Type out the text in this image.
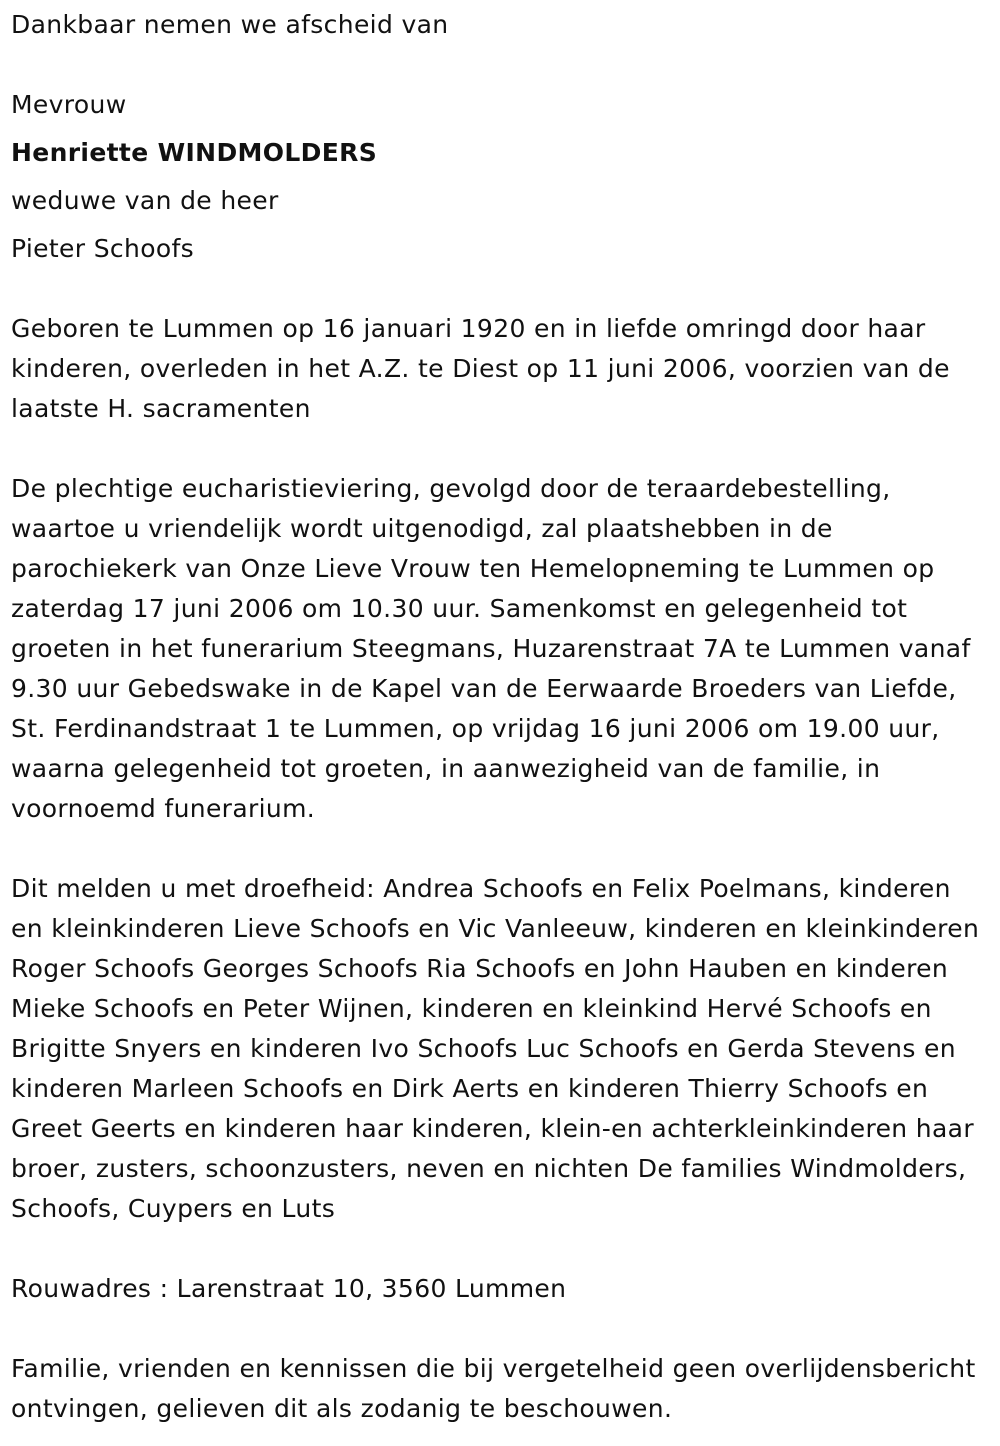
Dankbaar nemen we afscheid van
Mevrouw
Henriette WINDMOLDERS
weduwe van de heer
Pieter Schoofs
Geboren te Lummen op 16 januari 1920 en in liefde omringd door haar kinderen, overleden in het A.Z. te Diest op 11 juni 2006, voorzien van de laatste H. sacramenten
De plechtige eucharistieviering, gevolgd door de teraardebestelling, waartoe u vriendelijk wordt uitgenodigd, zal plaatshebben in de parochiekerk van Onze Lieve Vrouw ten Hemelopneming te Lummen op zaterdag 17 juni 2006 om 10.30 uur. Samenkomst en gelegenheid tot groeten in het funerarium Steegmans, Huzarenstraat 7A te Lummen vanaf 9.30 uur Gebedswake in de Kapel van de Eerwaarde Broeders van Liefde, St. Ferdinandstraat 1 te Lummen, op vrijdag 16 juni 2006 om 19.00 uur, waarna gelegenheid tot groeten, in aanwezigheid van de familie, in voornoemd funerarium.
Dit melden u met droefheid: Andrea Schoofs en Felix Poelmans, kinderen en kleinkinderen Lieve Schoofs en Vic Vanleeuw, kinderen en kleinkinderen Roger Schoofs Georges Schoofs Ria Schoofs en John Hauben en kinderen Mieke Schoofs en Peter Wijnen, kinderen en kleinkind Hervé Schoofs en Brigitte Snyers en kinderen Ivo Schoofs Luc Schoofs en Gerda Stevens en kinderen Marleen Schoofs en Dirk Aerts en kinderen Thierry Schoofs en Greet Geerts en kinderen haar kinderen, klein-en achterkleinkinderen haar broer, zusters, schoonzusters, neven en nichten De families Windmolders, Schoofs, Cuypers en Luts
Rouwadres : Larenstraat 10, 3560 Lummen
Familie, vrienden en kennissen die bij vergetelheid geen overlijdensbericht ontvingen, gelieven dit als zodanig te beschouwen.
